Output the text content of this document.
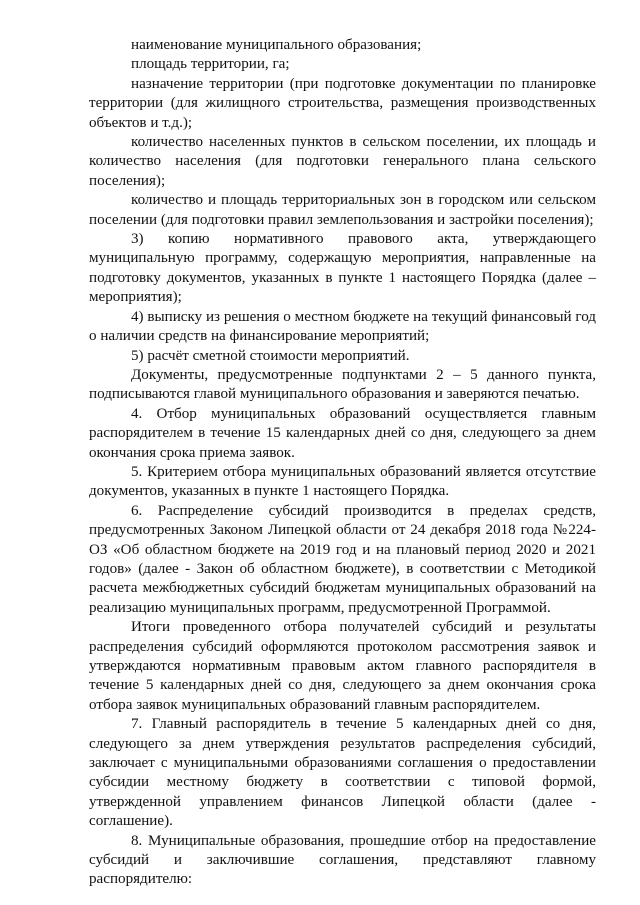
наименование муниципального образования;

площадь территории, га;

назначение территории (при подготовке документации по планировке территории (для жилищного строительства, размещения производственных объектов и т.д.);

количество населенных пунктов в сельском поселении, их площадь и количество населения (для подготовки генерального плана сельского поселения);

количество и площадь территориальных зон в городском или сельском поселении (для подготовки правил землепользования и застройки поселения);

3) копию нормативного правового акта, утверждающего муниципальную программу, содержащую мероприятия, направленные на подготовку документов, указанных в пункте 1 настоящего Порядка (далее – мероприятия);

4) выписку из решения о местном бюджете на текущий финансовый год о наличии средств на финансирование мероприятий;

5) расчёт сметной стоимости мероприятий.

Документы, предусмотренные подпунктами 2 – 5 данного пункта, подписываются главой муниципального образования и заверяются печатью.

4. Отбор муниципальных образований осуществляется главным распорядителем в течение 15 календарных дней со дня, следующего за днем окончания срока приема заявок.

5. Критерием отбора муниципальных образований является отсутствие документов, указанных в пункте 1 настоящего Порядка.

6. Распределение субсидий производится в пределах средств, предусмотренных Законом Липецкой области от 24 декабря 2018 года №224-ОЗ «Об областном бюджете на 2019 год и на плановый период 2020 и 2021 годов» (далее - Закон об областном бюджете), в соответствии с Методикой расчета межбюджетных субсидий бюджетам муниципальных образований на реализацию муниципальных программ, предусмотренной Программой.

Итоги проведенного отбора получателей субсидий и результаты распределения субсидий оформляются протоколом рассмотрения заявок и утверждаются нормативным правовым актом главного распорядителя в течение 5 календарных дней со дня, следующего за днем окончания срока отбора заявок муниципальных образований главным распорядителем.

7. Главный распорядитель в течение 5 календарных дней со дня, следующего за днем утверждения результатов распределения субсидий, заключает с муниципальными образованиями соглашения о предоставлении субсидии местному бюджету в соответствии с типовой формой, утвержденной управлением финансов Липецкой области (далее - соглашение).

8. Муниципальные образования, прошедшие отбор на предоставление субсидий и заключившие соглашения, представляют главному распорядителю:
